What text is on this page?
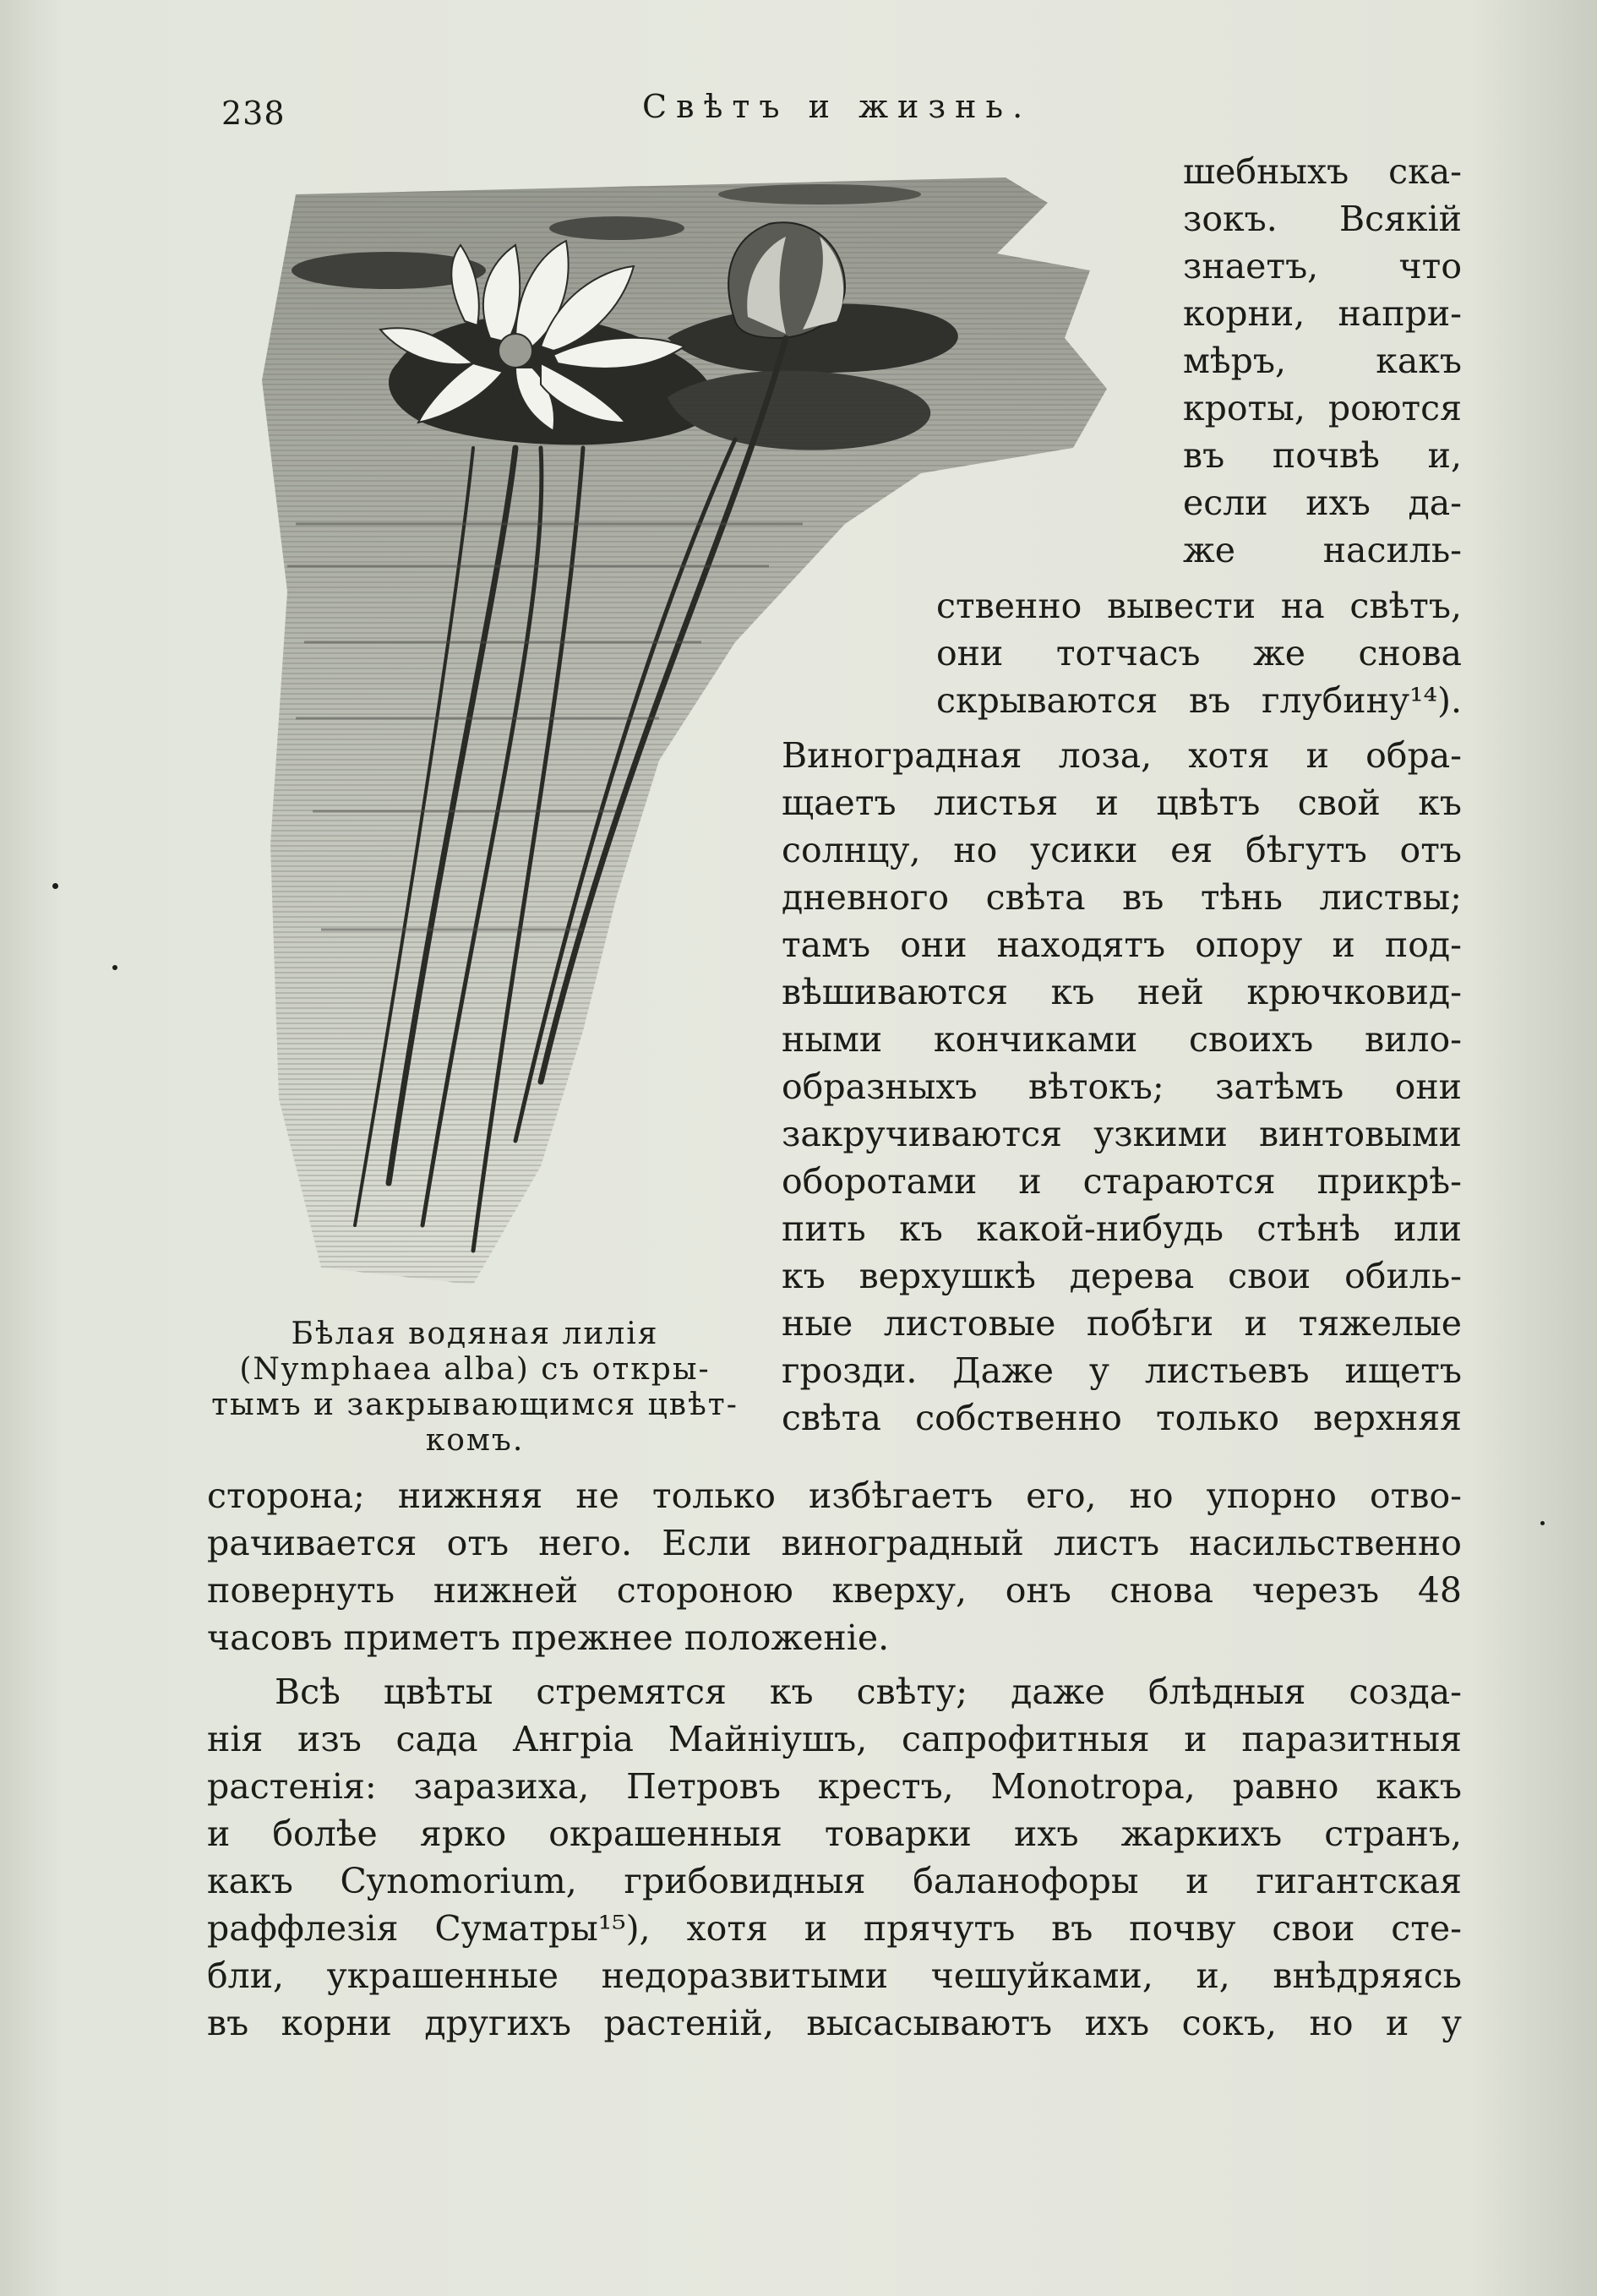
238	Свѣтъ и жизнь.
Бѣлая водяная лилія
(Nymphaea alba) съ откры-
тымъ и закрывающимся цвѣт-
комъ.
шебныхъ ска-
зокъ. Всякій
знаетъ, что
корни, напри-
мѣръ, какъ
кроты, роются
въ почвѣ и,
если ихъ да-
же насиль-
ственно вывести на свѣтъ,
они тотчасъ же снова
скрываются въ глубину¹⁴).
Виноградная лоза, хотя и обра-
щаетъ листья и цвѣтъ свой къ
солнцу, но усики ея бѣгутъ отъ
дневного свѣта въ тѣнь листвы;
тамъ они находятъ опору и под-
вѣшиваются къ ней крючковид-
ными кончиками своихъ вило-
образныхъ вѣтокъ; затѣмъ они
закручиваются узкими винтовыми
оборотами и стараются прикрѣ-
пить къ какой-нибудь стѣнѣ или
къ верхушкѣ дерева свои обиль-
ные листовые побѣги и тяжелые
грозди. Даже у листьевъ ищетъ
свѣта собственно только верхняя
сторона; нижняя не только избѣгаетъ его, но упорно отво-
рачивается отъ него. Если виноградный листъ насильственно
повернуть нижней стороною кверху, онъ снова черезъ 48
часовъ приметъ прежнее положеніе.
Всѣ цвѣты стремятся къ свѣту; даже блѣдныя созда-
нія изъ сада Ангріа Майніушъ, сапрофитныя и паразитныя
растенія: заразиха, Петровъ крестъ, Monotropa, равно какъ
и болѣе ярко окрашенныя товарки ихъ жаркихъ странъ,
какъ Cynomorium, грибовидныя баланофоры и гигантская
раффлезія Суматры¹⁵), хотя и прячутъ въ почву свои сте-
бли, украшенные недоразвитыми чешуйками, и, внѣдряясь
въ корни другихъ растеній, высасываютъ ихъ сокъ, но и у
